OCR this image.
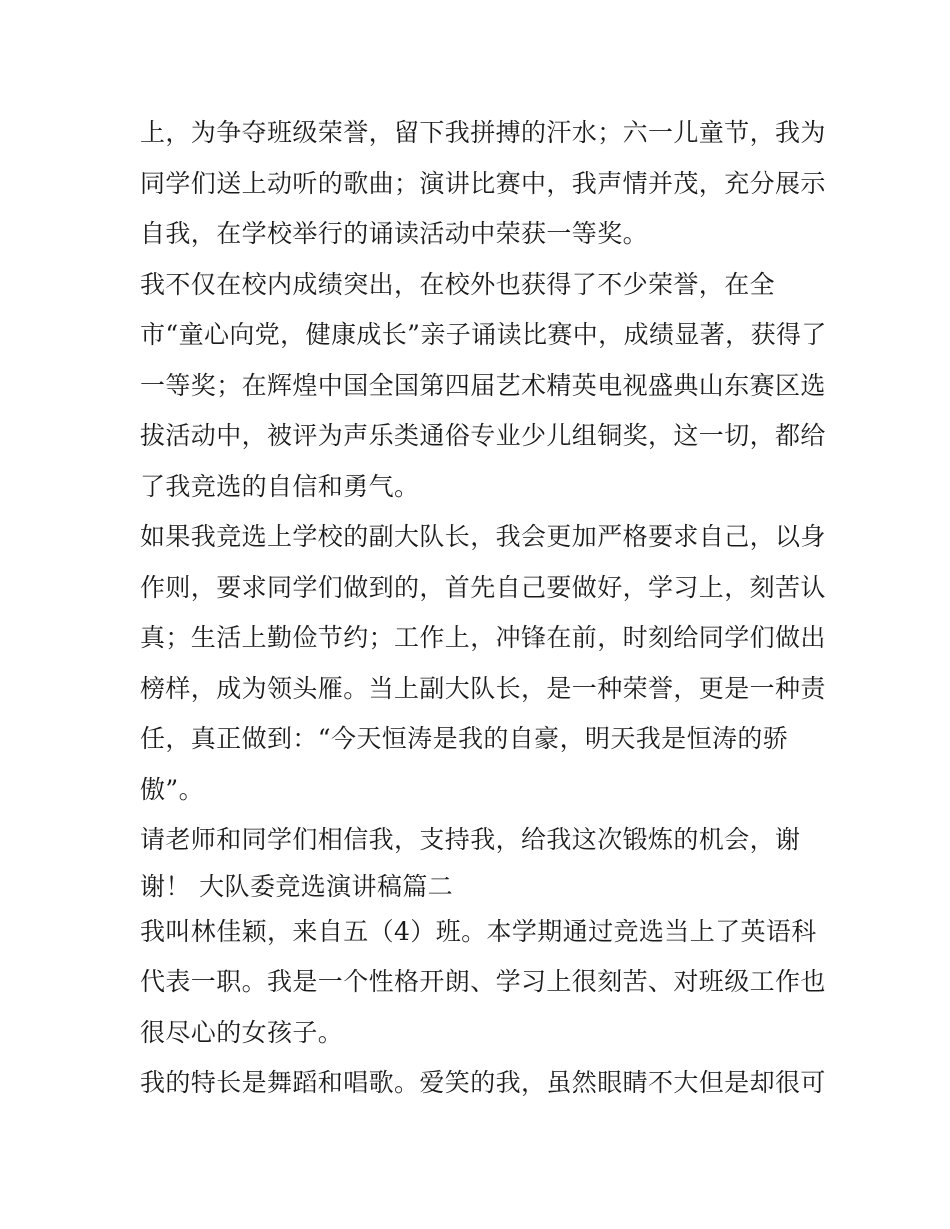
上，为争夺班级荣誉，留下我拼搏的汗水；六一儿童节，我为
同学们送上动听的歌曲；演讲比赛中，我声情并茂，充分展示
自我，在学校举行的诵读活动中荣获一等奖。
我不仅在校内成绩突出，在校外也获得了不少荣誉，在全
市“童心向党，健康成长”亲子诵读比赛中，成绩显著，获得了
一等奖；在辉煌中国全国第四届艺术精英电视盛典山东赛区选
拔活动中，被评为声乐类通俗专业少儿组铜奖，这一切，都给
了我竞选的自信和勇气。
如果我竞选上学校的副大队长，我会更加严格要求自己，以身
作则，要求同学们做到的，首先自己要做好，学习上，刻苦认
真；生活上勤俭节约；工作上，冲锋在前，时刻给同学们做出
榜样，成为领头雁。当上副大队长，是一种荣誉，更是一种责
任，真正做到：“今天恒涛是我的自豪，明天我是恒涛的骄
傲”。
请老师和同学们相信我，支持我，给我这次锻炼的机会，谢
谢！ 大队委竞选演讲稿篇二
我叫林佳颖，来自五（4）班。本学期通过竞选当上了英语科
代表一职。我是一个性格开朗、学习上很刻苦、对班级工作也
很尽心的女孩子。
我的特长是舞蹈和唱歌。爱笑的我，虽然眼睛不大但是却很可
